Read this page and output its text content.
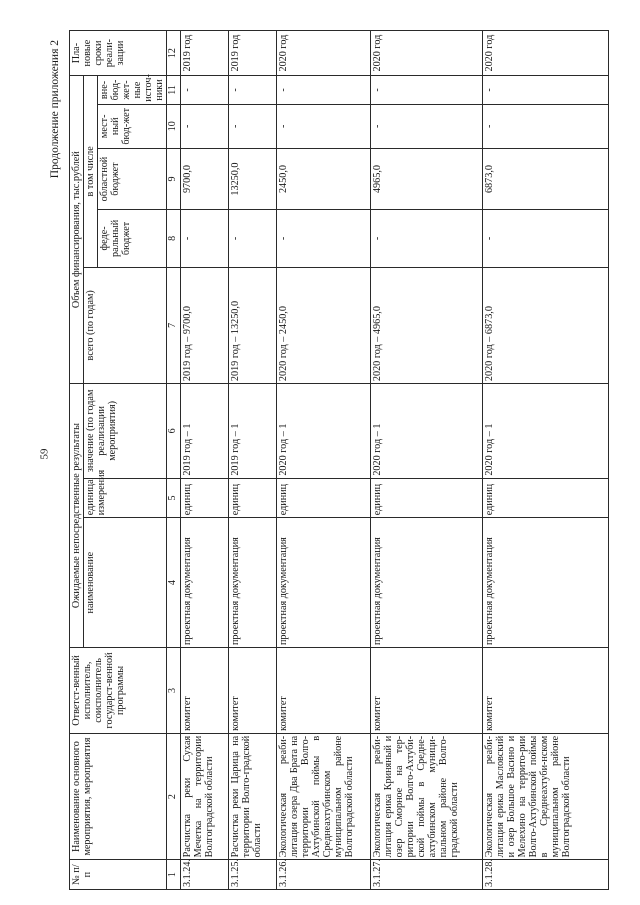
59
Продолжение приложения 2
№ п/п	Наименование основного мероприятия, мероприятия	Ответст-венный исполнитель, соисполнитель государст-венной программы	Ожидаемые непосредственные результаты			Объем финансирования, тыс.рублей					Пла-новые сроки реали-зации
			наименование	единица измерения	значение (по годам реализации мероприятия)	всего (по годам)	в том числе				
							феде-ральный бюджет	областной бюджет	мест-ный бюд-жет	вне-бюд-жет-ные источ-ники	
1	2	3	4	5	6	7	8	9	10	11	12
3.1.24.	Расчистка реки Сухая Мечетка на территории Волгоградской области	комитет	проектная документация	единиц	2019 год – 1	2019 год – 9700,0	-	9700,0	-	-	2019 год
3.1.25.	Расчистка реки Царица на территории Волго-градской области	комитет	проектная документация	единиц	2019 год – 1	2019 год – 13250,0	-	13250,0	-	-	2019 год
3.1.26.	Экологическая реаби-литация озера Два Брата на территории Волго-Ахтубинской поймы в Среднеахтубинском муниципальном районе Волгоградской области	комитет	проектная документация	единиц	2020 год – 1	2020 год – 2450,0	-	2450,0	-	-	2020 год
3.1.27.	Экологическая реаби-литация ерика Криняный и озер Сморное на тер-ритории Волго-Ахтуби-ской поймы в Средне-ахтубинском муници-пальном районе Волго-градской области	комитет	проектная документация	единиц	2020 год – 1	2020 год – 4965,0	-	4965,0	-	-	2020 год
3.1.28.	Экологическая реаби-литация ерика Масловский и озер Большое Васино и Мелехино на террито-рии Волго-Ахтубинской поймы в Среднеахтуби-нском муниципальном районе Волгоградской области	комитет	проектная документация	единиц	2020 год – 1	2020 год – 6873,0	-	6873,0	-	-	2020 год
